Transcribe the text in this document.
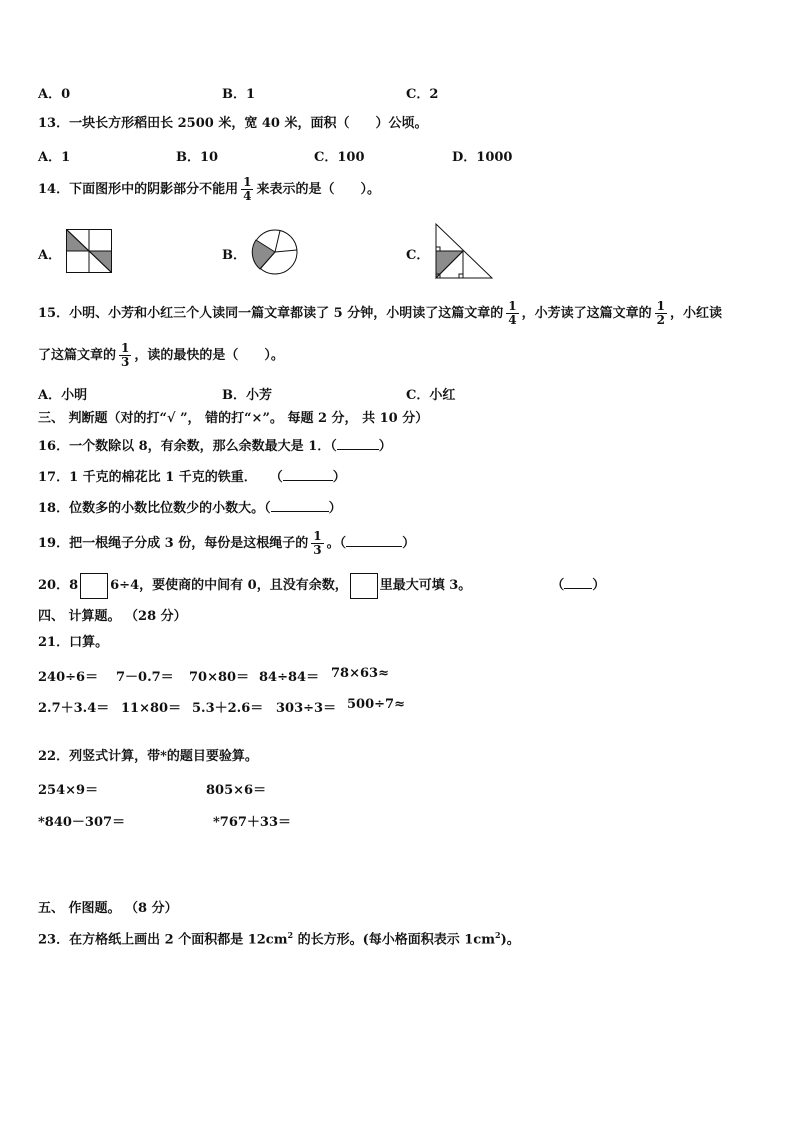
A．0	B．1	C．2
13．一块长方形稻田长 2500 米，宽 40 米，面积（　　）公顷。
A．1	B．10	C．100	D．1000
14．下面图形中的阴影部分不能用 $\frac{1}{4}$ 来表示的是（　　）。
A．	B．	C．
15．小明、小芳和小红三个人读同一篇文章都读了 5 分钟，小明读了这篇文章的 $\frac{1}{4}$ ，小芳读了这篇文章的 $\frac{1}{2}$ ，小红读
了这篇文章的 $\frac{1}{3}$ ，读的最快的是（　　）。
A．小明	B．小芳	C．小红
三、 判断题（对的打“√ ”， 错的打“×”。 每题 2 分， 共 10 分）
16．一个数除以 8，有余数，那么余数最大是 1．（	）
17．1 千克的棉花比 1 千克的铁重．　　（	）
18．位数多的小数比位数少的小数大。（	）
19．把一根绳子分成 3 份，每份是这根绳子的 $\frac{1}{3}$ 。（	）
20．8 6÷4，要使商的中间有 0，且没有余数， 里最大可填 3。	（ ）
四、 计算题。 （28 分）
21．口算。
240÷6＝ 7－0.7＝ 70×80＝ 84÷84＝ 78×63≈
2.7＋3.4＝ 11×80＝ 5.3＋2.6＝ 303÷3＝ 500÷7≈
22．列竖式计算，带*的题目要验算。
254×9＝	805×6＝
*840－307＝	*767＋33＝
五、 作图题。 （8 分）
23．在方格纸上画出 2 个面积都是 $12cm^2$ 的长方形。(每小格面积表示 $1cm^2$)。
